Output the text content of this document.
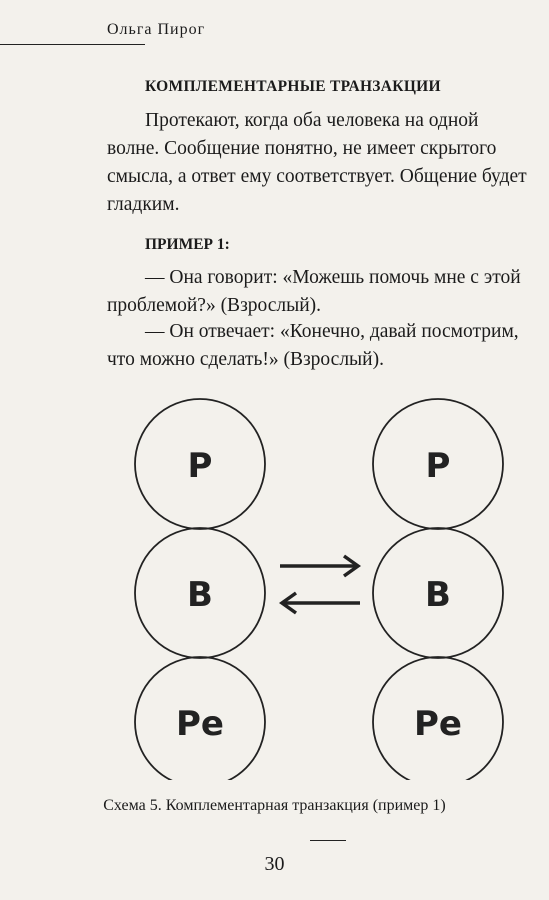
Ольга Пирог
КОМПЛЕМЕНТАРНЫЕ ТРАНЗАКЦИИ
Протекают, когда оба человека на одной волне. Сообщение понятно, не имеет скрытого смысла, а ответ ему соответствует. Общение будет гладким.
ПРИМЕР 1:
— Она говорит: «Можешь помочь мне с этой проблемой?» (Взрослый).
— Он отвечает: «Конечно, давай посмотрим, что можно сделать!» (Взрослый).
Р
В
Ре
Р
В
Ре
Схема 5. Комплементарная транзакция (пример 1)
30
